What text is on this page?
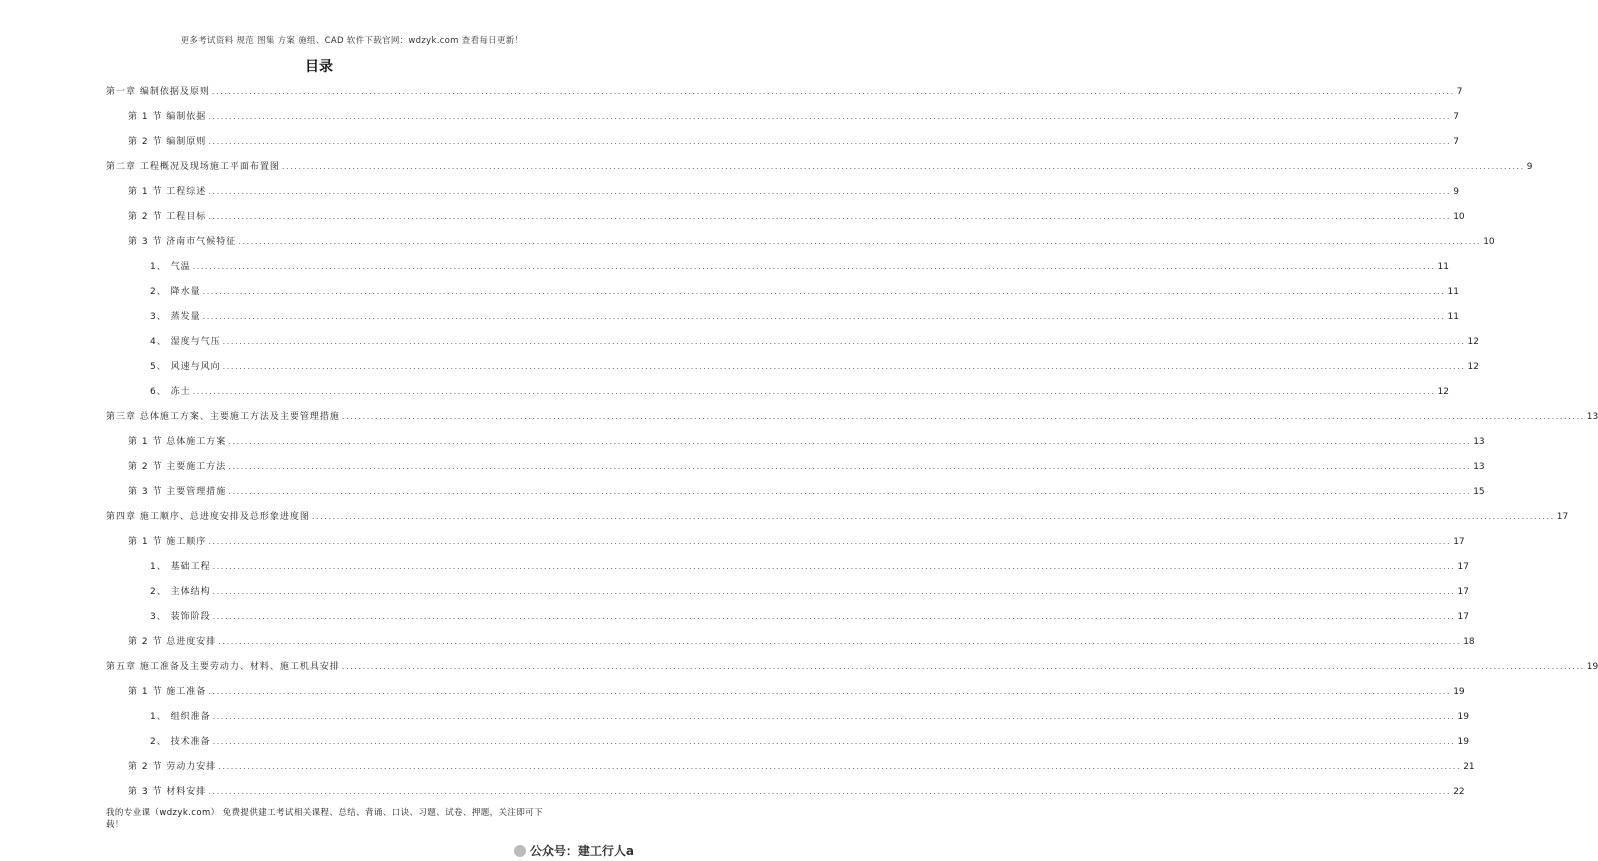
更多考试资料 规范 图集 方案 施组、CAD 软件下载官网：wdzyk.com 查看每日更新！
目录
第一章 编制依据及原则 ............................................................................................................................................................................................................................................................................................................ 7
第 1 节 编制依据 ............................................................................................................................................................................................................................................................................................................ 7
第 2 节 编制原则 ............................................................................................................................................................................................................................................................................................................ 7
第二章 工程概况及现场施工平面布置图 ............................................................................................................................................................................................................................................................................................................ 9
第 1 节 工程综述 ............................................................................................................................................................................................................................................................................................................ 9
第 2 节 工程目标 ............................................................................................................................................................................................................................................................................................................ 10
第 3 节 济南市气候特征 ............................................................................................................................................................................................................................................................................................................ 10
1、 气温 ............................................................................................................................................................................................................................................................................................................ 11
2、 降水量 ............................................................................................................................................................................................................................................................................................................ 11
3、 蒸发量 ............................................................................................................................................................................................................................................................................................................ 11
4、 湿度与气压 ............................................................................................................................................................................................................................................................................................................ 12
5、 风速与风向 ............................................................................................................................................................................................................................................................................................................ 12
6、 冻土 ............................................................................................................................................................................................................................................................................................................ 12
第三章 总体施工方案、主要施工方法及主要管理措施 ............................................................................................................................................................................................................................................................................................................ 13
第 1 节 总体施工方案 ............................................................................................................................................................................................................................................................................................................ 13
第 2 节 主要施工方法 ............................................................................................................................................................................................................................................................................................................ 13
第 3 节 主要管理措施 ............................................................................................................................................................................................................................................................................................................ 15
第四章 施工顺序、总进度安排及总形象进度图 ............................................................................................................................................................................................................................................................................................................ 17
第 1 节 施工顺序 ............................................................................................................................................................................................................................................................................................................ 17
1、 基础工程 ............................................................................................................................................................................................................................................................................................................ 17
2、 主体结构 ............................................................................................................................................................................................................................................................................................................ 17
3、 装饰阶段 ............................................................................................................................................................................................................................................................................................................ 17
第 2 节 总进度安排 ............................................................................................................................................................................................................................................................................................................ 18
第五章 施工准备及主要劳动力、材料、施工机具安排 ............................................................................................................................................................................................................................................................................................................ 19
第 1 节 施工准备 ............................................................................................................................................................................................................................................................................................................ 19
1、 组织准备 ............................................................................................................................................................................................................................................................................................................ 19
2、 技术准备 ............................................................................................................................................................................................................................................................................................................ 19
第 2 节 劳动力安排 ............................................................................................................................................................................................................................................................................................................ 21
第 3 节 材料安排 ............................................................................................................................................................................................................................................................................................................ 22
我的专业课（wdzyk.com） 免费提供建工考试相关课程、总结、背诵、口诀、习题、试卷、押题，关注即可下载！
公众号：建工行人a
